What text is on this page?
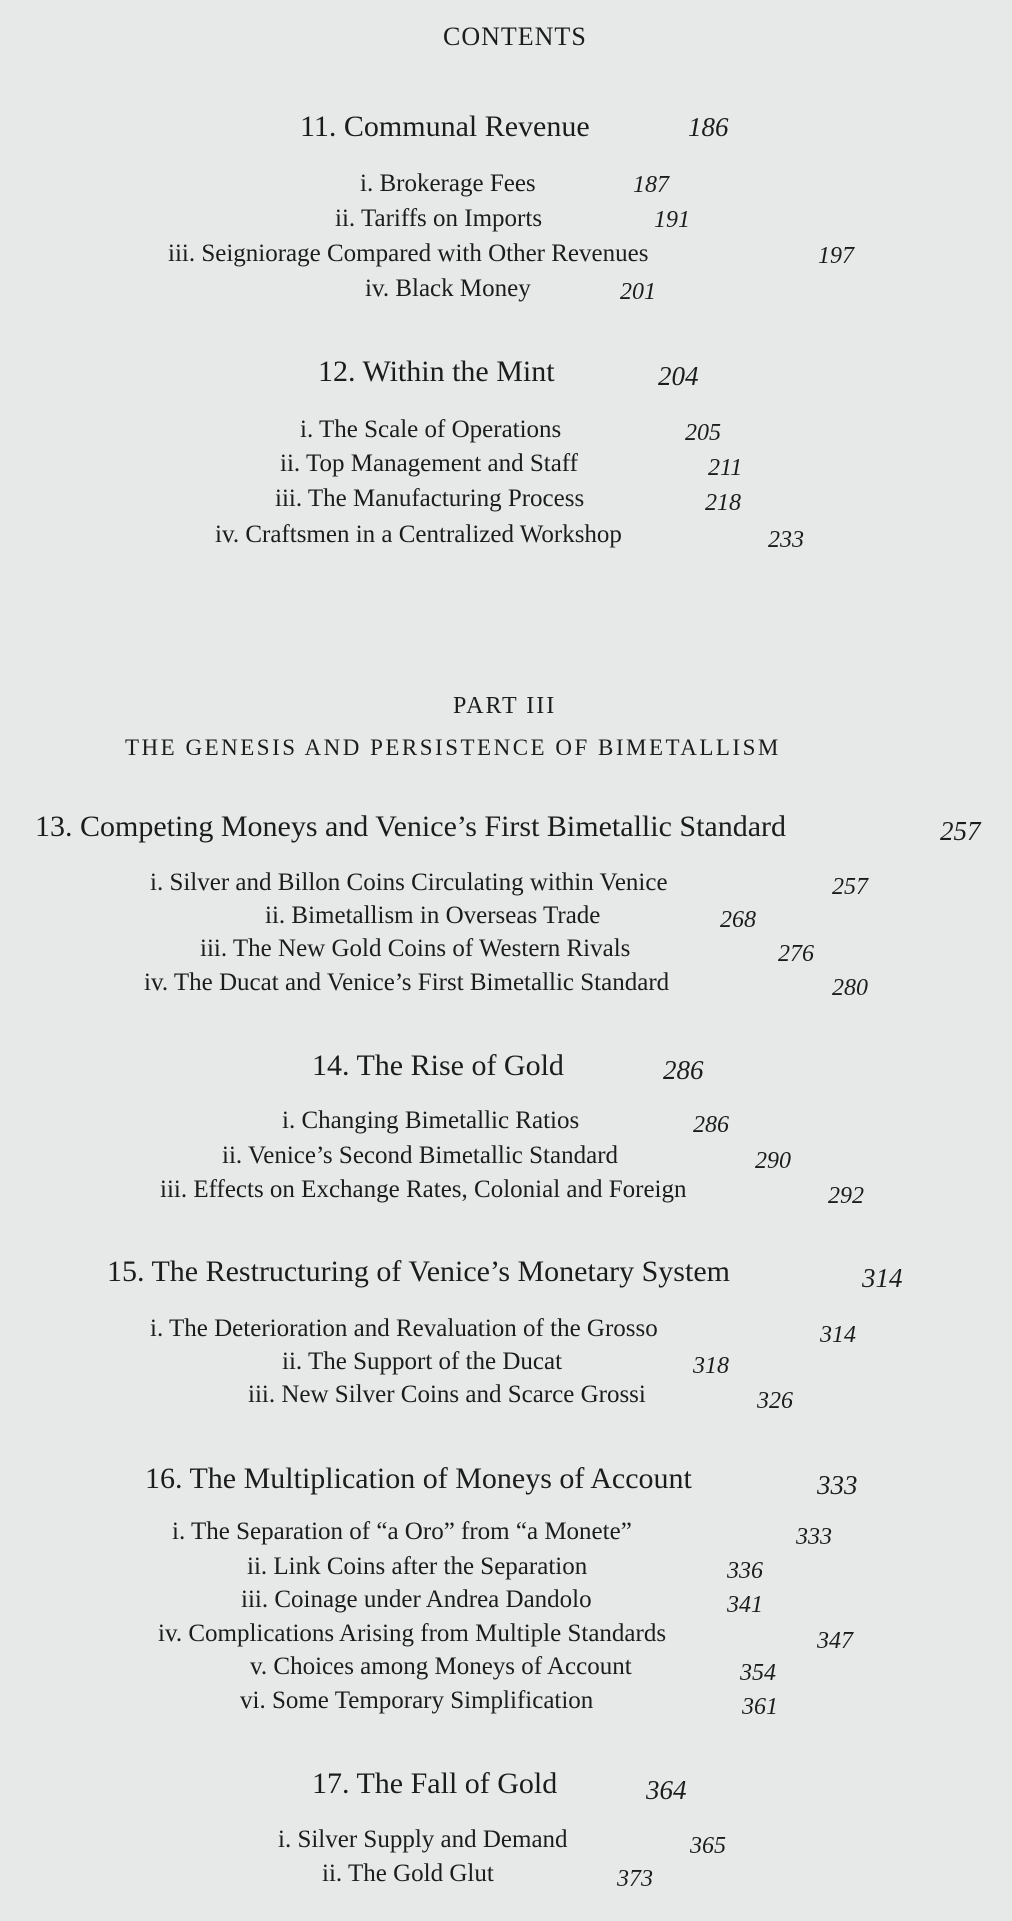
CONTENTS
11. Communal Revenue	186
i. Brokerage Fees	187
ii. Tariffs on Imports	191
iii. Seigniorage Compared with Other Revenues	197
iv. Black Money	201
12. Within the Mint	204
i. The Scale of Operations	205
ii. Top Management and Staff	211
iii. The Manufacturing Process	218
iv. Craftsmen in a Centralized Workshop	233
PART III
THE GENESIS AND PERSISTENCE OF BIMETALLISM
13. Competing Moneys and Venice’s First Bimetallic Standard	257
i. Silver and Billon Coins Circulating within Venice	257
ii. Bimetallism in Overseas Trade	268
iii. The New Gold Coins of Western Rivals	276
iv. The Ducat and Venice’s First Bimetallic Standard	280
14. The Rise of Gold	286
i. Changing Bimetallic Ratios	286
ii. Venice’s Second Bimetallic Standard	290
iii. Effects on Exchange Rates, Colonial and Foreign	292
15. The Restructuring of Venice’s Monetary System	314
i. The Deterioration and Revaluation of the Grosso	314
ii. The Support of the Ducat	318
iii. New Silver Coins and Scarce Grossi	326
16. The Multiplication of Moneys of Account	333
i. The Separation of “a Oro” from “a Monete”	333
ii. Link Coins after the Separation	336
iii. Coinage under Andrea Dandolo	341
iv. Complications Arising from Multiple Standards	347
v. Choices among Moneys of Account	354
vi. Some Temporary Simplification	361
17. The Fall of Gold	364
i. Silver Supply and Demand	365
ii. The Gold Glut	373
